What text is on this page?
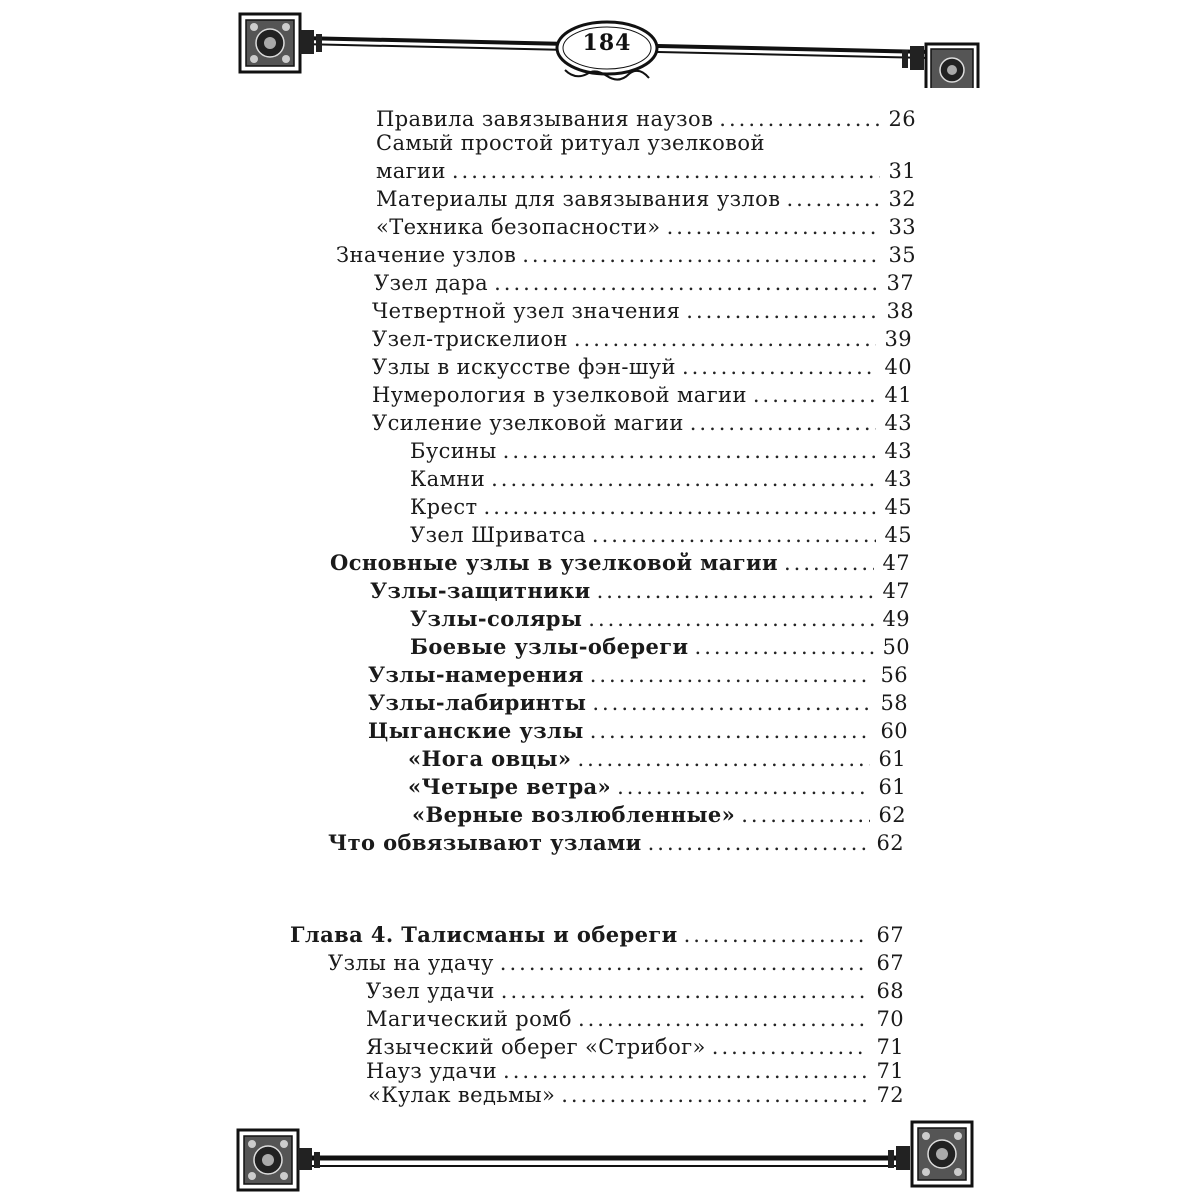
184
Правила завязывания наузов .....	26
Самый простой ритуал узелковой
магии .....	31
Материалы для завязывания узлов .....	32
«Техника безопасности» .....	33
Значение узлов .....	35
Узел дара .....	37
Четвертной узел значения .....	38
Узел-трискелион .....	39
Узлы в искусстве фэн-шуй .....	40
Нумерология в узелковой магии .....	41
Усиление узелковой магии .....	43
Бусины .....	43
Камни .....	43
Крест .....	45
Узел Шриватса .....	45
Основные узлы в узелковой магии .....	47
Узлы-защитники .....	47
Узлы-соляры .....	49
Боевые узлы-обереги .....	50
Узлы-намерения .....	56
Узлы-лабиринты .....	58
Цыганские узлы .....	60
«Нога овцы» .....	61
«Четыре ветра» .....	61
«Верные возлюбленные» .....	62
Что обвязывают узлами .....	62
Глава 4. Талисманы и обереги .....	67
Узлы на удачу .....	67
Узел удачи .....	68
Магический ромб .....	70
Языческий оберег «Стрибог» .....	71
Науз удачи .....	71
«Кулак ведьмы» .....	72
